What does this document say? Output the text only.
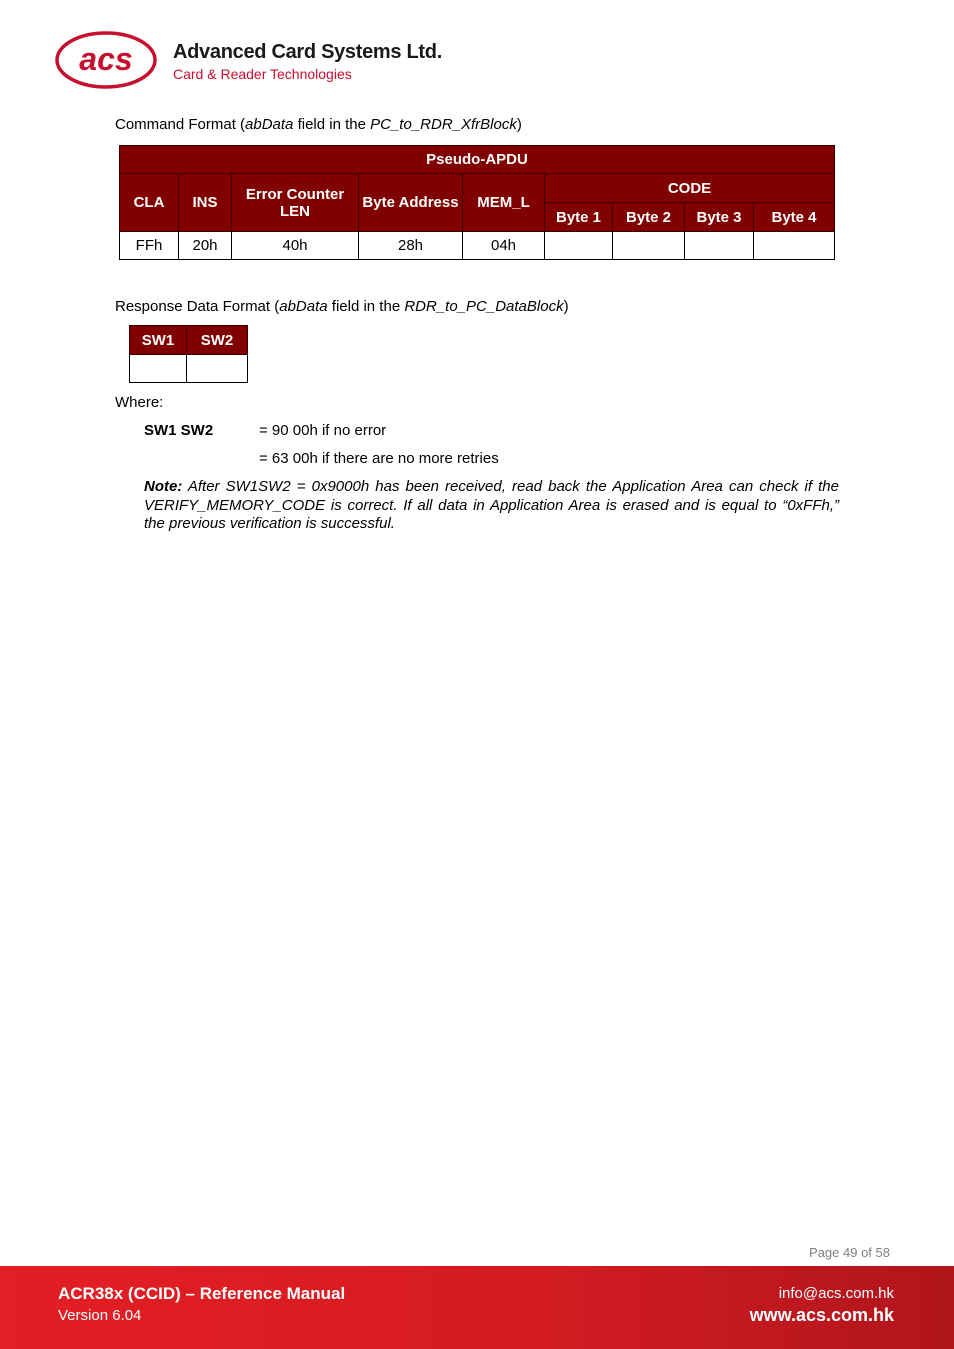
acs Advanced Card Systems Ltd.
Card & Reader Technologies
Command Format (abData field in the PC_to_RDR_XfrBlock)
Pseudo-APDU								
CLA	INS	Error Counter LEN	Byte Address	MEM_L	CODE			
					Byte 1	Byte 2	Byte 3	Byte 4
FFh	20h	40h	28h	04h				
Response Data Format (abData field in the RDR_to_PC_DataBlock)
SW1	SW2

Where:
SW1 SW2	= 90 00h if no error
= 63 00h if there are no more retries
Note: After SW1SW2 = 0x9000h has been received, read back the Application Area can check if the VERIFY_MEMORY_CODE is correct. If all data in Application Area is erased and is equal to “0xFFh,” the previous verification is successful.
Page 49 of 58
ACR38x (CCID) – Reference Manual
Version 6.04
info@acs.com.hk
www.acs.com.hk
